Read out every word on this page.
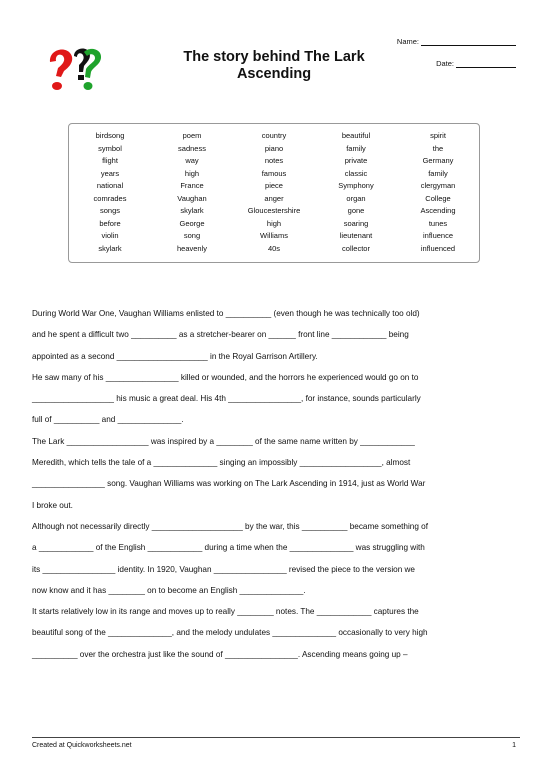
The story behind The Lark
Ascending
Name:
Date:
birdsong	poem	country	beautiful	spirit
symbol	sadness	piano	family	the
flight	way	notes	private	Germany
years	high	famous	classic	family
national	France	piece	Symphony	clergyman
comrades	Vaughan	anger	organ	College
songs	skylark	Gloucestershire	gone	Ascending
before	George	high	soaring	tunes
violin	song	Williams	lieutenant	influence
skylark	heavenly	40s	collector	influenced
During World War One, Vaughan Williams enlisted to __________ (even though he was technically too old)
and he spent a difficult two __________ as a stretcher-bearer on ______ front line ____________ being
appointed as a second ____________________ in the Royal Garrison Artillery.
He saw many of his ________________ killed or wounded, and the horrors he experienced would go on to
__________________ his music a great deal. His 4th ________________, for instance, sounds particularly
full of __________ and ______________.
The Lark __________________ was inspired by a ________ of the same name written by ____________
Meredith, which tells the tale of a ______________ singing an impossibly __________________, almost
________________ song. Vaughan Williams was working on The Lark Ascending in 1914, just as World War
I broke out.
Although not necessarily directly ____________________ by the war, this __________ became something of
a ____________ of the English ____________ during a time when the ______________ was struggling with
its ________________ identity. In 1920, Vaughan ________________ revised the piece to the version we
now know and it has ________ on to become an English ______________.
It starts relatively low in its range and moves up to really ________ notes. The ____________ captures the
beautiful song of the ______________, and the melody undulates ______________ occasionally to very high
__________ over the orchestra just like the sound of ________________. Ascending means going up –
Created at Quickworksheets.net	1
